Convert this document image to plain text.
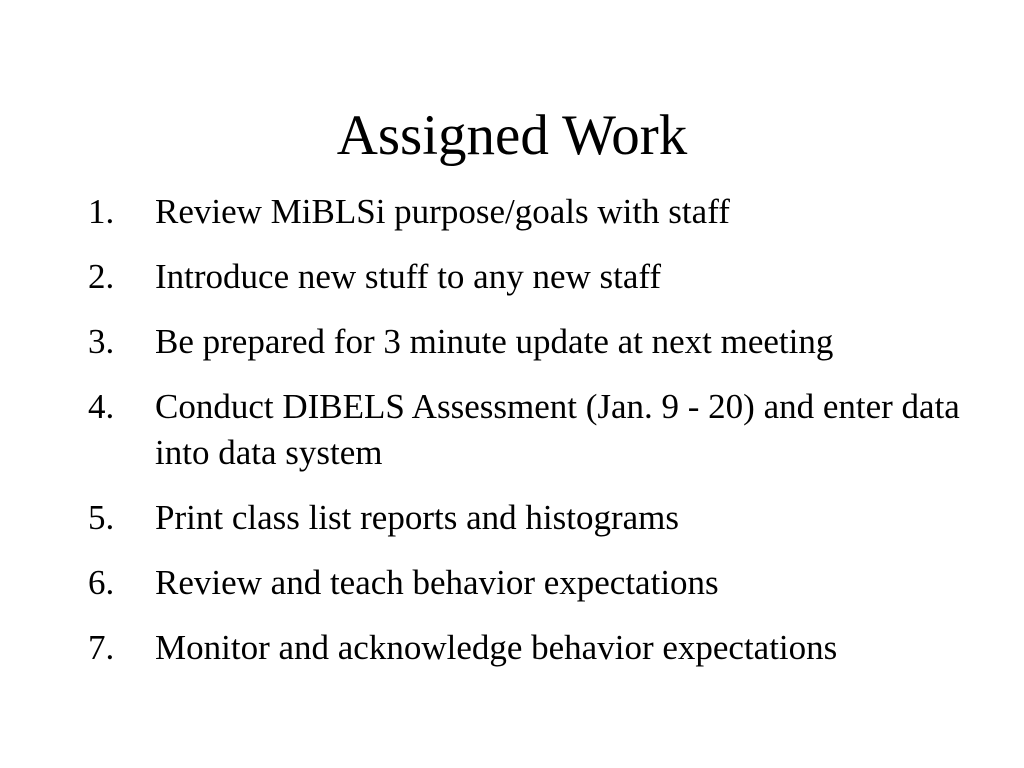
Assigned Work
1.	Review MiBLSi purpose/goals with staff
2.	Introduce new stuff to any new staff
3.	Be prepared for 3 minute update at next meeting
4.	Conduct DIBELS Assessment (Jan. 9 - 20) and enter data into data system
5.	Print class list reports and histograms
6.	Review and teach behavior expectations
7.	Monitor and acknowledge behavior expectations
